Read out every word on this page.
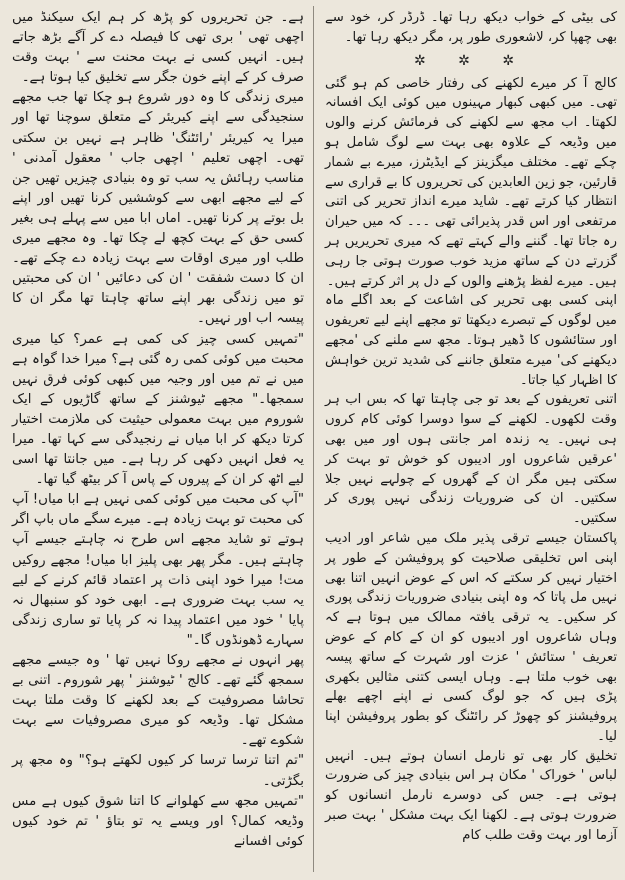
کی بیٹی کے خواب دیکھ رہا تھا۔ ڈرڈر کر، خود سے بھی چھپا کر، لاشعوری طور پر، مگر دیکھ رہا تھا۔

✲ ✲ ✲

کالج آ کر میرے لکھنے کی رفتار خاصی کم ہو گئی تھی۔ میں کبھی کبھار مہینوں میں کوئی ایک افسانہ لکھتا۔ اب مجھ سے لکھنے کی فرمائش کرنے والوں میں وڈیعہ کے علاوہ بھی بہت سے لوگ شامل ہو چکے تھے۔ مختلف میگزینز کے ایڈیٹرز، میرے بے شمار قارئین، جو زین العابدین کی تحریروں کا بے قراری سے انتظار کیا کرتے تھے۔ شاید میرے انداز تحریر کی اتنی مرتفعی اور اس قدر پذیرائی تھی ۔۔۔ کہ میں حیران رہ جاتا تھا۔ گننے والے کہتے تھے کہ میری تحریریں ہر گزرتے دن کے ساتھ مزید خوب صورت ہوتی جا رہی ہیں۔ میرے لفظ پڑھنے والوں کے دل پر اثر کرتے ہیں۔

اپنی کسی بھی تحریر کی اشاعت کے بعد اگلے ماہ میں لوگوں کے تبصرے دیکھتا تو مجھے اپنے لیے تعریفوں اور ستائشوں کا ڈھیر ہوتا۔ مجھ سے ملنے کی 'مجھے دیکھنے کی' میرے متعلق جاننے کی شدید ترین خواہش کا اظہار کیا جاتا۔

اتنی تعریفوں کے بعد تو جی چاہتا تھا کہ بس اب ہر وقت لکھوں۔ لکھنے کے سوا دوسرا کوئی کام کروں ہی نہیں۔ یہ زندہ امر جانتی ہوں اور میں بھی 'عرقیں شاعروں اور ادیبوں کو خوش تو بہت کر سکتی ہیں مگر ان کے گھروں کے چولہے نہیں جلا سکتیں۔ ان کی ضروریات زندگی نہیں پوری کر سکتیں۔

پاکستان جیسے ترقی پذیر ملک میں شاعر اور ادیب اپنی اس تخلیقی صلاحیت کو پروفیشن کے طور پر اختیار نہیں کر سکتے کہ اس کے عوض انہیں اتنا بھی نہیں مل پاتا کہ وہ اپنی بنیادی ضروریات زندگی پوری کر سکیں۔ یہ ترقی یافتہ ممالک میں ہوتا ہے کہ وہاں شاعروں اور ادیبوں کو ان کے کام کے عوض تعریف ' ستائش ' عزت اور شہرت کے ساتھ پیسہ بھی خوب ملتا ہے۔ وہاں ایسی کتنی مثالیں بکھری پڑی ہیں کہ جو لوگ کسی نے اپنے اچھے بھلے پروفیشنز کو چھوڑ کر رائٹنگ کو بطور پروفیشن اپنا لیا۔

تخلیق کار بھی تو نارمل انسان ہوتے ہیں۔ انہیں لباس ' خوراک ' مکان ہر اس بنیادی چیز کی ضرورت ہوتی ہے۔ جس کی دوسرے نارمل انسانوں کو ضرورت ہوتی ہے۔ لکھنا ایک بہت مشکل ' بہت صبر آزما اور بہت وقت طلب کام

ہے۔ جن تحریروں کو پڑھ کر ہم ایک سیکنڈ میں اچھی تھی ' بری تھی کا فیصلہ دے کر آگے بڑھ جاتے ہیں۔ انہیں کسی نے بہت محنت سے ' بہت وقت صرف کر کے اپنے خون جگر سے تخلیق کیا ہوتا ہے۔

میری زندگی کا وہ دور شروع ہو چکا تھا جب مجھے سنجیدگی سے اپنے کیریئر کے متعلق سوچنا تھا اور میرا یہ کیریئر 'رائٹنگ' ظاہر ہے نہیں بن سکتی تھی۔ اچھی تعلیم ' اچھی جاب ' معقول آمدنی ' مناسب رہائش یہ سب تو وہ بنیادی چیزیں تھیں جن کے لیے مجھے ابھی سے کوششیں کرنا تھیں اور اپنے بل بوتے پر کرنا تھیں۔ اماں ابا میں سے پہلے ہی بغیر کسی حق کے بہت کچھ لے چکا تھا۔ وہ مجھے میری طلب اور میری اوقات سے بہت زیادہ دے چکے تھے۔ ان کا دست شفقت ' ان کی دعائیں ' ان کی محبتیں تو میں زندگی بھر اپنے ساتھ چاہتا تھا مگر ان کا پیسہ اب اور نہیں۔

"تمہیں کسی چیز کی کمی ہے عمر؟ کیا میری محبت میں کوئی کمی رہ گئی ہے؟ میرا خدا گواہ ہے میں نے تم میں اور وجیہ میں کبھی کوئی فرق نہیں سمجھا۔" مجھے ٹیوشنز کے ساتھ گاڑیوں کے ایک شوروم میں بہت معمولی حیثیت کی ملازمت اختیار کرتا دیکھ کر ابا میاں نے رنجیدگی سے کہا تھا۔ میرا یہ فعل انہیں دکھی کر رہا ہے۔ میں جانتا تھا اسی لیے اٹھ کر ان کے پیروں کے پاس آ کر بیٹھ گیا تھا۔

"آپ کی محبت میں کوئی کمی نہیں ہے ابا میاں! آپ کی محبت تو بہت زیادہ ہے۔ میرے سگے ماں باپ اگر ہوتے تو شاید مجھے اس طرح نہ چاہتے جیسے آپ چاہتے ہیں۔ مگر پھر بھی پلیز ابا میاں! مجھے روکیں مت! میرا خود اپنی ذات پر اعتماد قائم کرنے کے لیے یہ سب بہت ضروری ہے۔ ابھی خود کو سنبھال نہ پایا ' خود میں اعتماد پیدا نہ کر پایا تو ساری زندگی سہارے ڈھونڈوں گا۔"

پھر انہوں نے مجھے روکا نہیں تھا ' وہ جیسے مجھے سمجھ گئے تھے۔ کالج ' ٹیوشنز ' پھر شوروم۔ اتنی بے تحاشا مصروفیت کے بعد لکھنے کا وقت ملتا بہت مشکل تھا۔ وڈیعہ کو میری مصروفیات سے بہت شکوے تھے۔

"تم اتنا ترسا ترسا کر کیوں لکھتے ہو؟" وہ مجھ پر بگڑتی۔

"تمہیں مجھ سے کھلوانے کا اتنا شوق کیوں ہے مس وڈیعہ کمال؟ اور ویسے یہ تو بتاؤ ' تم خود کیوں کوئی افسانے
